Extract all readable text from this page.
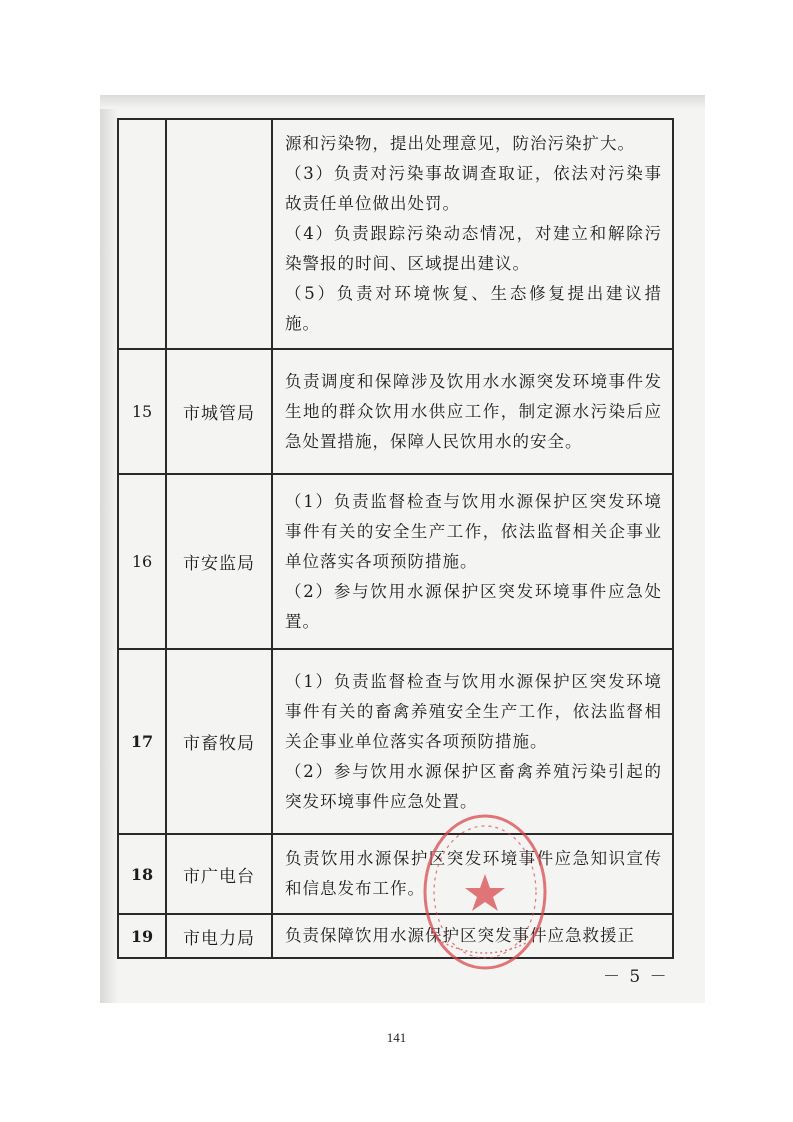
		源和污染物，提出处理意见，防治污染扩大。

（3）负责对污染事故调查取证，依法对污染事故责任单位做出处罚。

（4）负责跟踪污染动态情况，对建立和解除污染警报的时间、区域提出建议。

（5）负责对环境恢复、生态修复提出建议措施。

15	市城管局	负责调度和保障涉及饮用水水源突发环境事件发生地的群众饮用水供应工作，制定源水污染后应急处置措施，保障人民饮用水的安全。

16	市安监局	（1）负责监督检查与饮用水源保护区突发环境事件有关的安全生产工作，依法监督相关企事业单位落实各项预防措施。

（2）参与饮用水源保护区突发环境事件应急处置。

17	市畜牧局	（1）负责监督检查与饮用水源保护区突发环境事件有关的畜禽养殖安全生产工作，依法监督相关企事业单位落实各项预防措施。

（2）参与饮用水源保护区畜禽养殖污染引起的突发环境事件应急处置。

18	市广电台	负责饮用水源保护区突发环境事件应急知识宣传和信息发布工作。

19	市电力局	负责保障饮用水源保护区突发事件应急救援正

－ 5 －
141
